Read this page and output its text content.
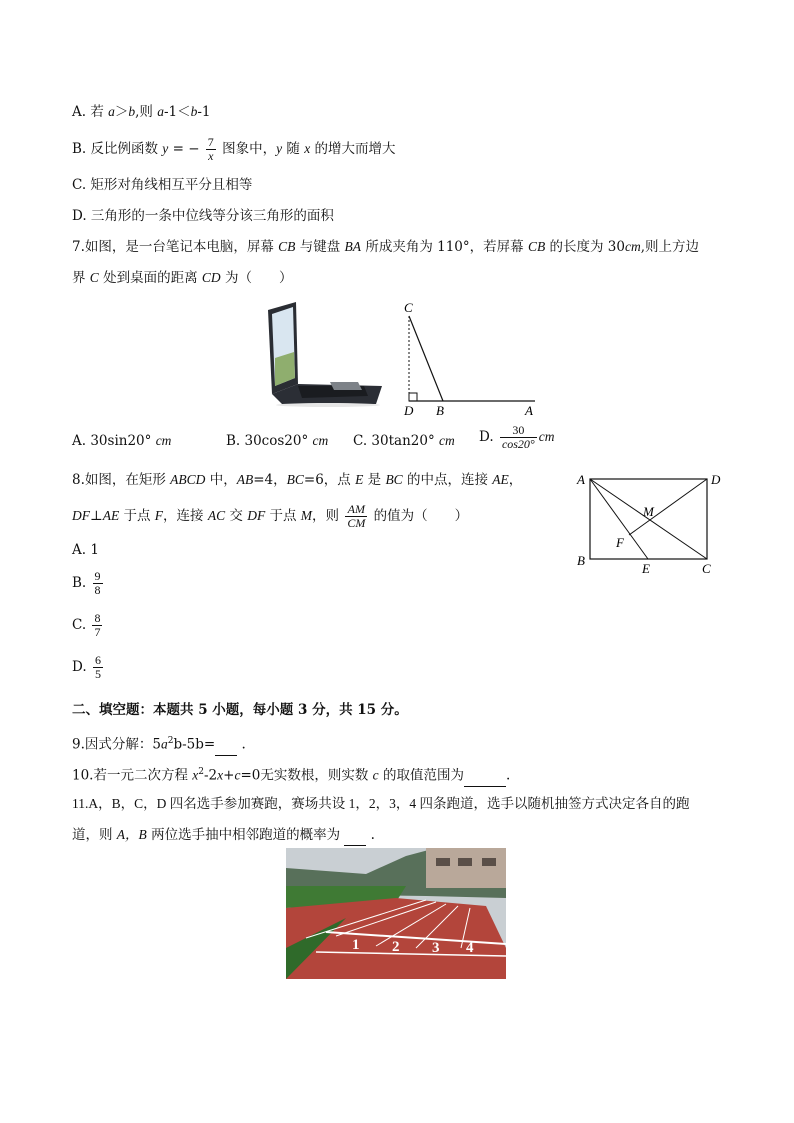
A. 若 a＞b,则 a-1＜b-1
B. 反比例函数 y = − $\frac{7}{x}$ 图象中，y 随 x 的增大而增大
C. 矩形对角线相互平分且相等
D. 三角形的一条中位线等分该三角形的面积
7.如图，是一台笔记本电脑，屏幕 CB 与键盘 BA 所成夹角为 110°，若屏幕 CB 的长度为 30cm,则上方边
界 C 处到桌面的距离 CD 为（　　）
C
D B	A
A. 30sin20° cm	B. 30cos20° cm C. 30tan20° cm D. $\frac{30}{\cos 20^\circ}$ cm
8.如图，在矩形 ABCD 中，AB=4，BC=6，点 E 是 BC 的中点，连接 AE，
DF⊥AE 于点 F，连接 AC 交 DF 于点 M，则 $\frac{AM}{CM}$ 的值为（　　）
A	D
B
C
E
F
M
A. 1
B. $\frac{9}{8}$
C. $\frac{8}{7}$
D. $\frac{6}{5}$
二、填空题：本题共 5 小题，每小题 3 分，共 15 分。
9.因式分解：$5a^2b-5b=$  .
10.若一元二次方程 $x^2-2x+c=0$无实数根，则实数 c 的取值范围为	.
11.A，B，C，D 四名选手参加赛跑，赛场共设 1，2，3，4 四条跑道，选手以随机抽签方式决定各自的跑
道，则 A，B 两位选手抽中相邻跑道的概率为   .
1 2 3 4
